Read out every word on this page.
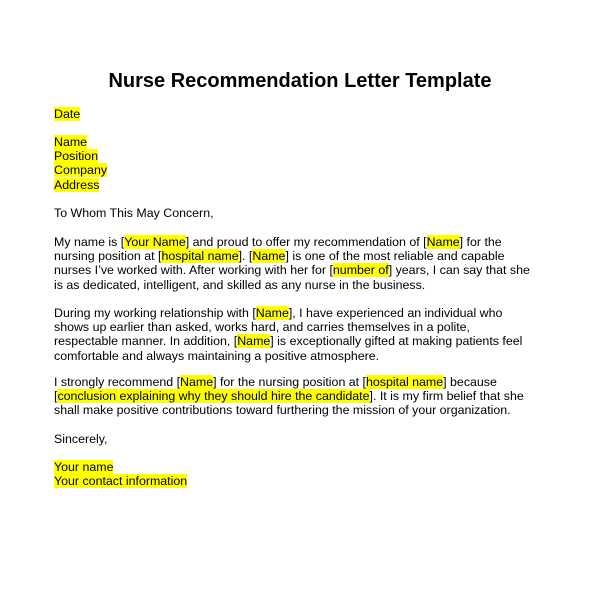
Nurse Recommendation Letter Template
Date
Name
Position
Company
Address
To Whom This May Concern,
My name is [Your Name] and proud to offer my recommendation of [Name] for the
nursing position at [hospital name]. [Name] is one of the most reliable and capable
nurses I’ve worked with. After working with her for [number of] years, I can say that she
is as dedicated, intelligent, and skilled as any nurse in the business.
During my working relationship with [Name], I have experienced an individual who
shows up earlier than asked, works hard, and carries themselves in a polite,
respectable manner. In addition, [Name] is exceptionally gifted at making patients feel
comfortable and always maintaining a positive atmosphere.
I strongly recommend [Name] for the nursing position at [hospital name] because
[conclusion explaining why they should hire the candidate]. It is my firm belief that she
shall make positive contributions toward furthering the mission of your organization.
Sincerely,
Your name
Your contact information
